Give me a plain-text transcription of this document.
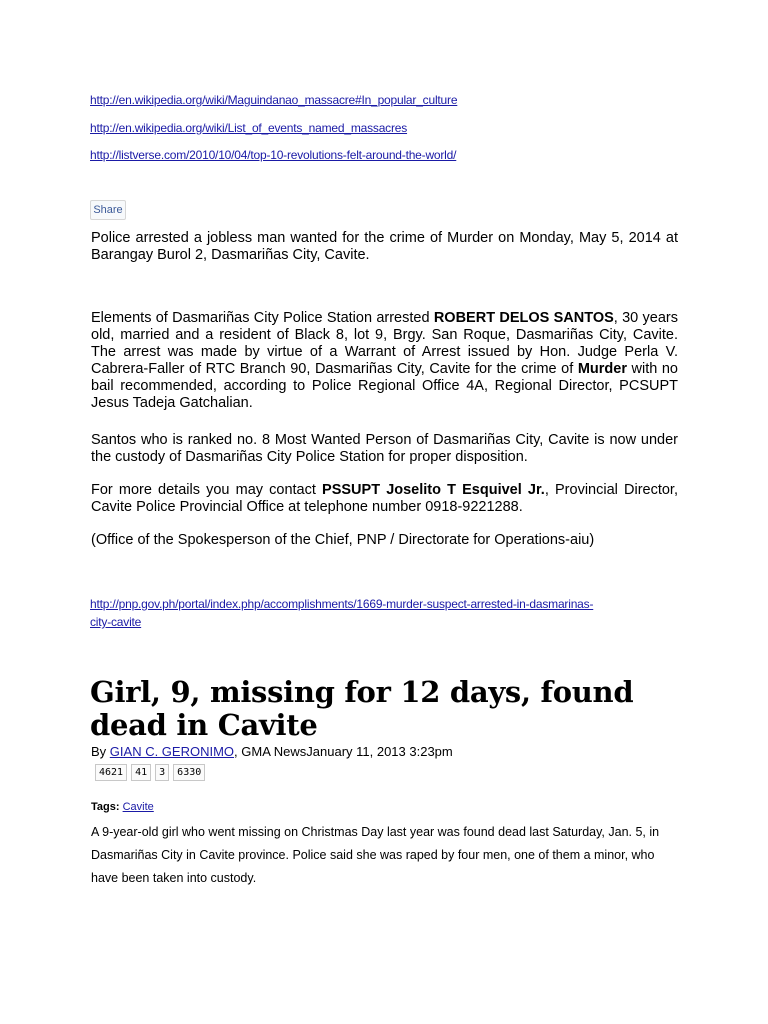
http://en.wikipedia.org/wiki/Maguindanao_massacre#In_popular_culture
http://en.wikipedia.org/wiki/List_of_events_named_massacres
http://listverse.com/2010/10/04/top-10-revolutions-felt-around-the-world/
Share
Police arrested a jobless man wanted for the crime of Murder on Monday, May 5, 2014 at Barangay Burol 2, Dasmariñas City, Cavite.
Elements of Dasmariñas City Police Station arrested ROBERT DELOS SANTOS, 30 years old, married and a resident of Black 8, lot 9, Brgy. San Roque, Dasmariñas City, Cavite. The arrest was made by virtue of a Warrant of Arrest issued by Hon. Judge Perla V. Cabrera-Faller of RTC Branch 90, Dasmariñas City, Cavite for the crime of Murder with no bail recommended, according to Police Regional Office 4A, Regional Director, PCSUPT Jesus Tadeja Gatchalian.
Santos who is ranked no. 8 Most Wanted Person of Dasmariñas City, Cavite is now under the custody of Dasmariñas City Police Station for proper disposition.
For more details you may contact PSSUPT Joselito T Esquivel Jr., Provincial Director, Cavite Police Provincial Office at telephone number 0918-9221288.
(Office of the Spokesperson of the Chief, PNP / Directorate for Operations-aiu)
http://pnp.gov.ph/portal/index.php/accomplishments/1669-murder-suspect-arrested-in-dasmarinas-
city-cavite
Girl, 9, missing for 12 days, found dead in Cavite
By GIAN C. GERONIMO, GMA NewsJanuary 11, 2013 3:23pm
4621	41	3	6330
Tags: Cavite
A 9-year-old girl who went missing on Christmas Day last year was found dead last Saturday, Jan. 5, in Dasmariñas City in Cavite province. Police said she was raped by four men, one of them a minor, who have been taken into custody.
